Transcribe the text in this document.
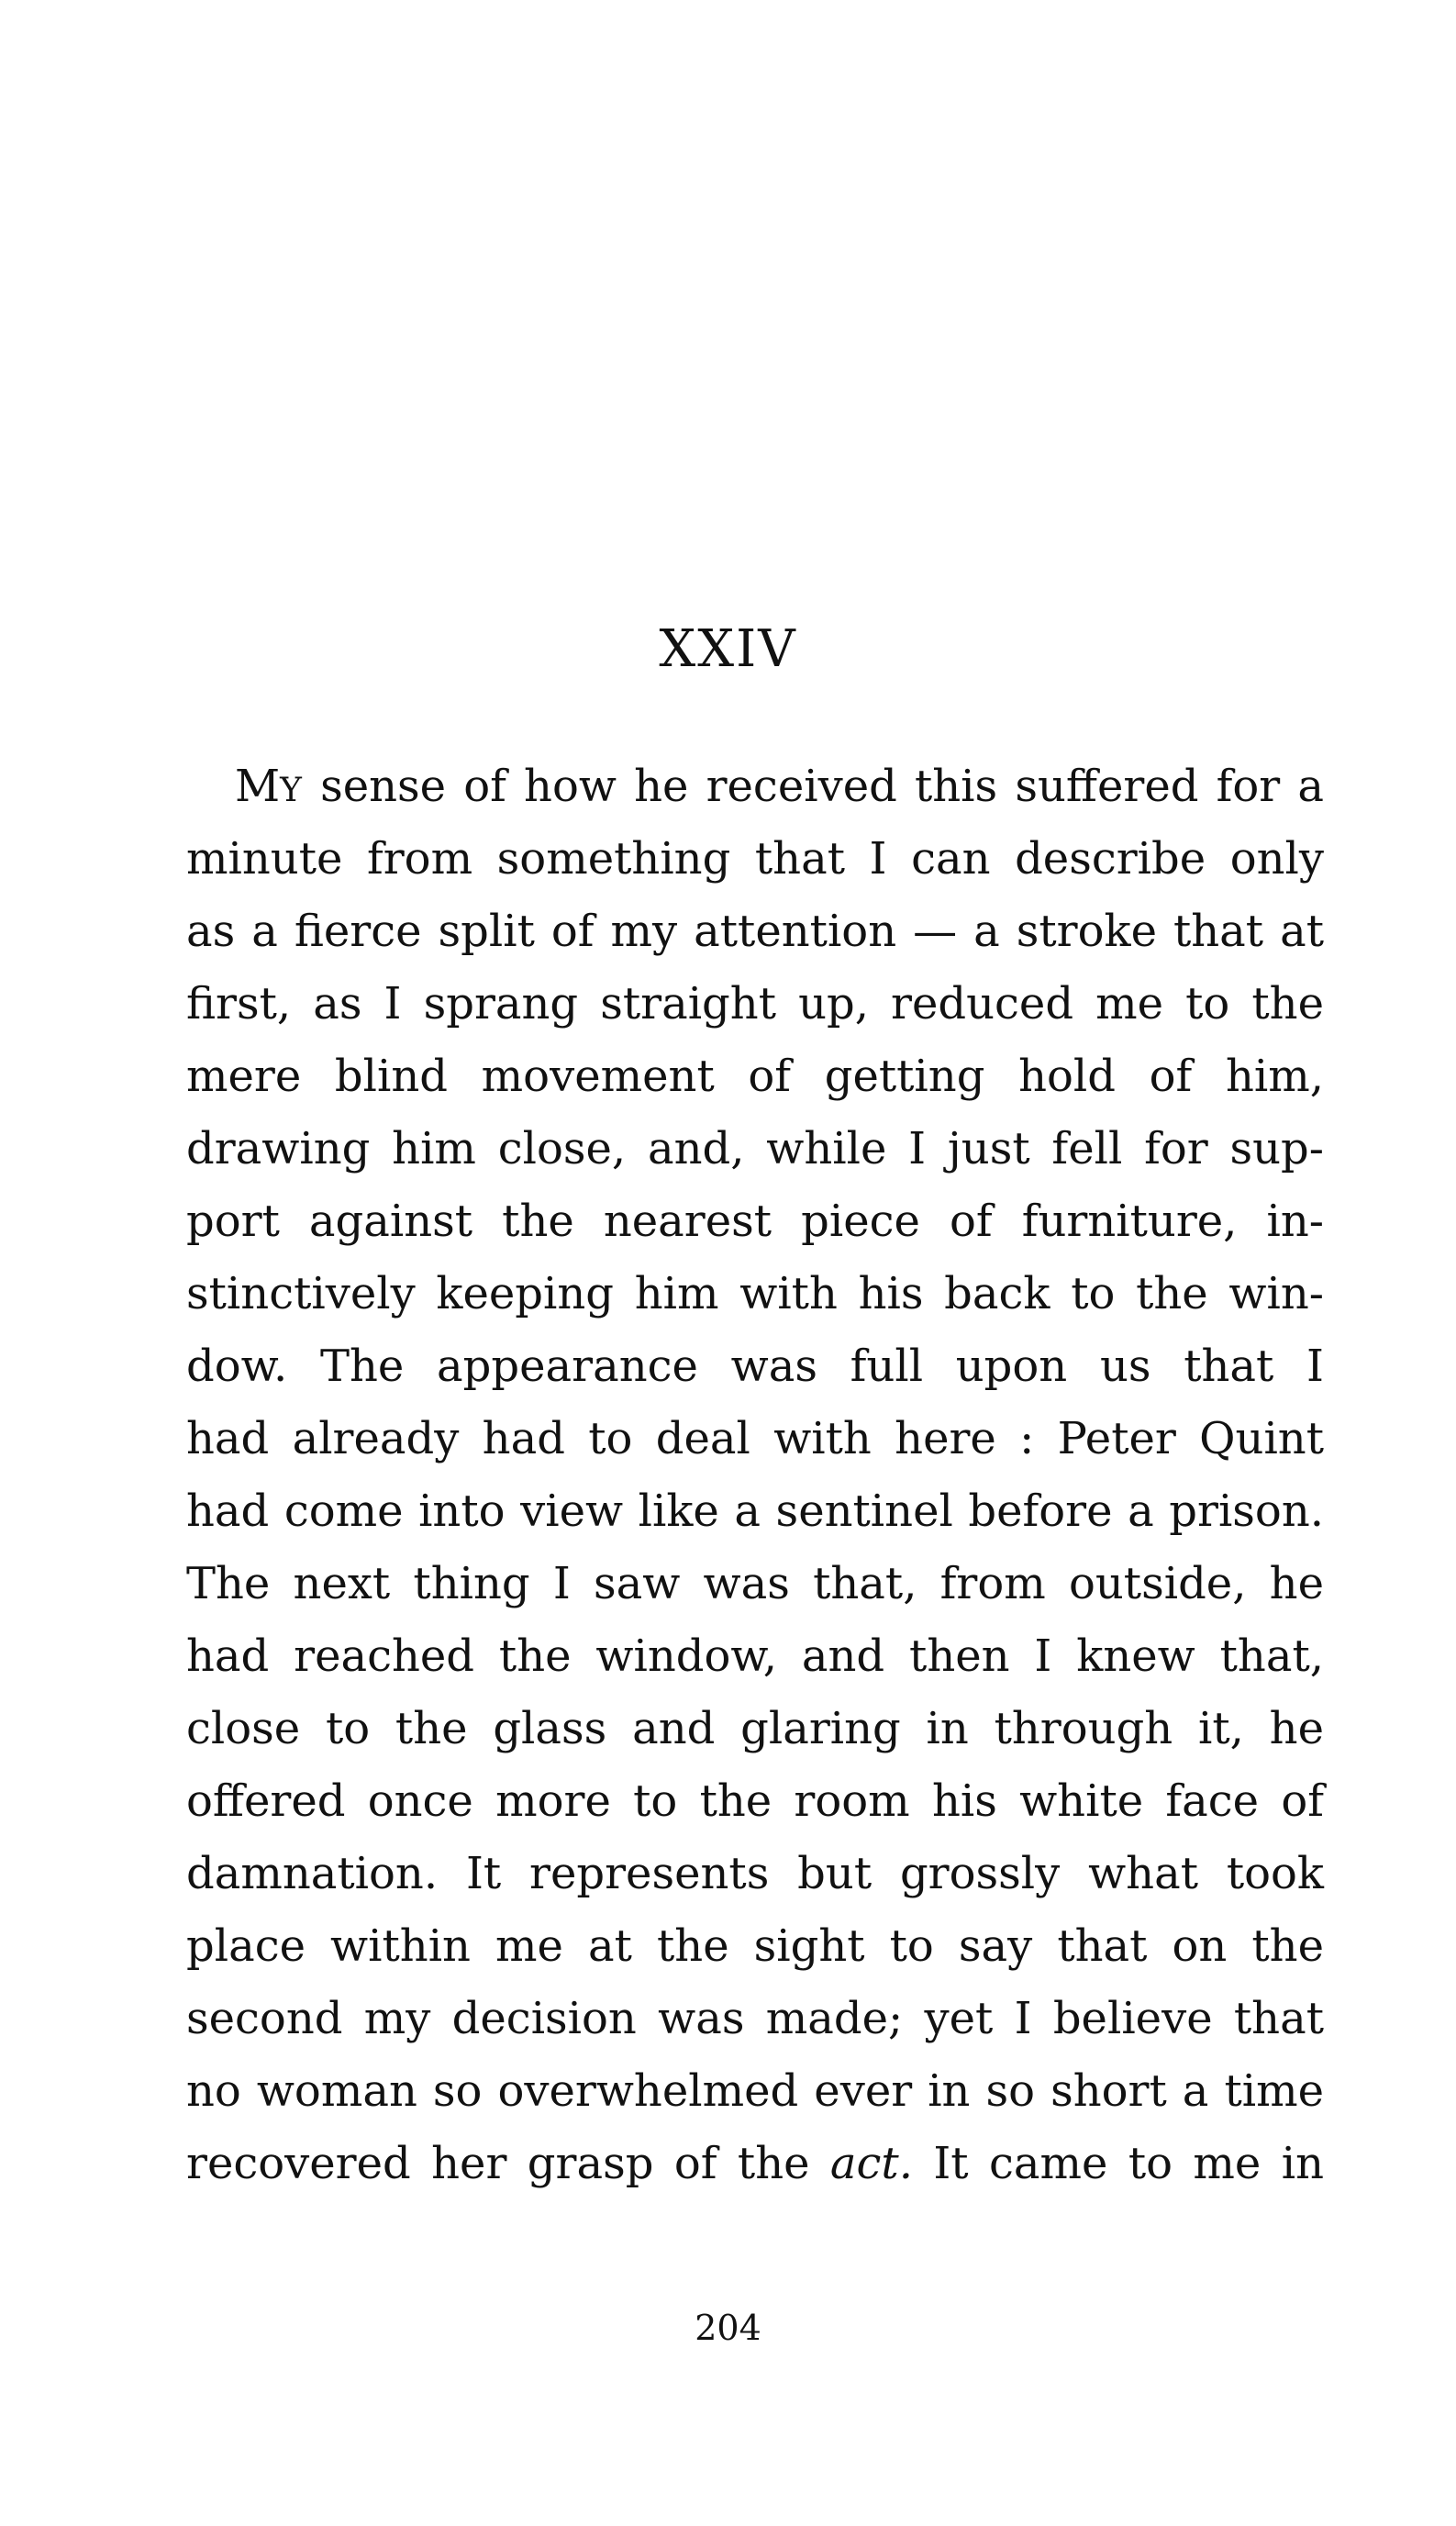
XXIV
MY sense of how he received this suffered for a
minute from something that I can describe only
as a fierce split of my attention — a stroke that at
first, as I sprang straight up, reduced me to the
mere blind movement of getting hold of him,
drawing him close, and, while I just fell for sup-
port against the nearest piece of furniture, in-
stinctively keeping him with his back to the win-
dow. The appearance was full upon us that I
had already had to deal with here : Peter Quint
had come into view like a sentinel before a prison.
The next thing I saw was that, from outside, he
had reached the window, and then I knew that,
close to the glass and glaring in through it, he
offered once more to the room his white face of
damnation. It represents but grossly what took
place within me at the sight to say that on the
second my decision was made; yet I believe that
no woman so overwhelmed ever in so short a time
recovered her grasp of the act. It came to me in
204
